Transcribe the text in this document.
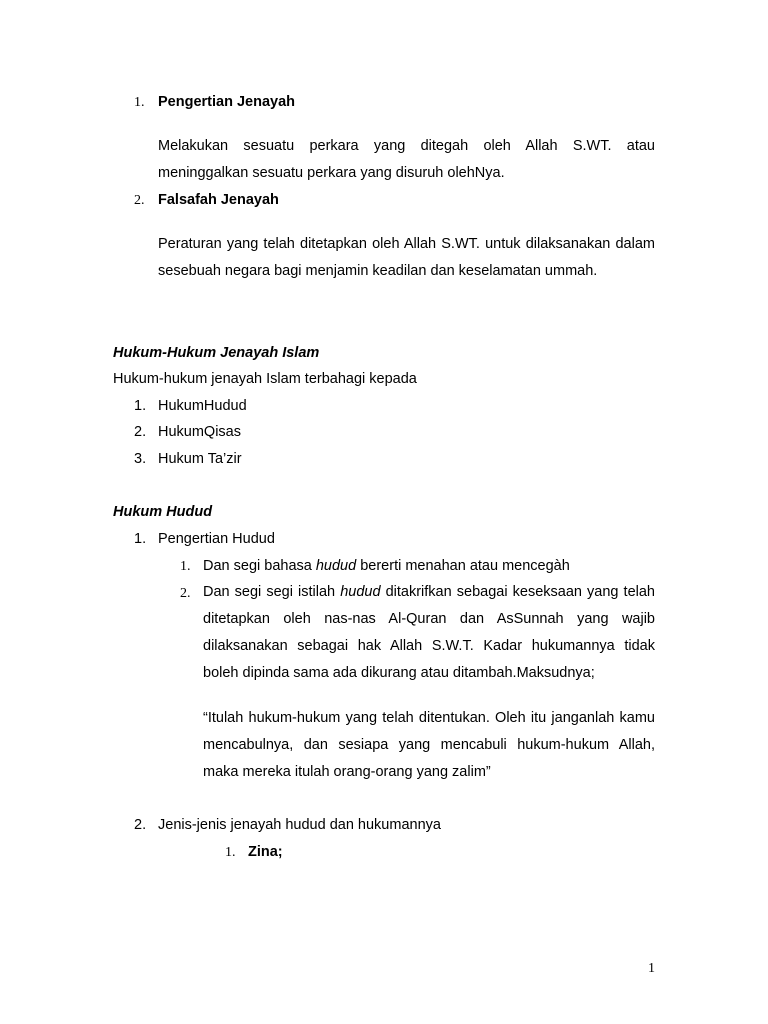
1. Pengertian Jenayah
Melakukan sesuatu perkara yang ditegah oleh Allah S.WT. atau meninggalkan sesuatu perkara yang disuruh olehNya.
2. Falsafah Jenayah
Peraturan yang telah ditetapkan oleh Allah S.WT. untuk dilaksanakan dalam sesebuah negara bagi menjamin keadilan dan keselamatan ummah.
Hukum-Hukum Jenayah Islam
Hukum-hukum jenayah Islam terbahagi kepada
1. HukumHudud
2. HukumQisas
3. Hukum Ta’zir
Hukum Hudud
1. Pengertian Hudud
1. Dan segi bahasa hudud bererti menahan atau mencegàh
2. Dan segi segi istilah hudud ditakrifkan sebagai keseksaan yang telah ditetapkan oleh nas-nas Al-Quran dan AsSunnah yang wajib dilaksanakan sebagai hak Allah S.W.T. Kadar hukumannya tidak boleh dipinda sama ada dikurang atau ditambah.Maksudnya;
“Itulah hukum-hukum yang telah ditentukan. Oleh itu janganlah kamu mencabulnya, dan sesiapa yang mencabuli hukum-hukum Allah, maka mereka itulah orang-orang yang zalim”
2. Jenis-jenis jenayah hudud dan hukumannya
1. Zina;
1
